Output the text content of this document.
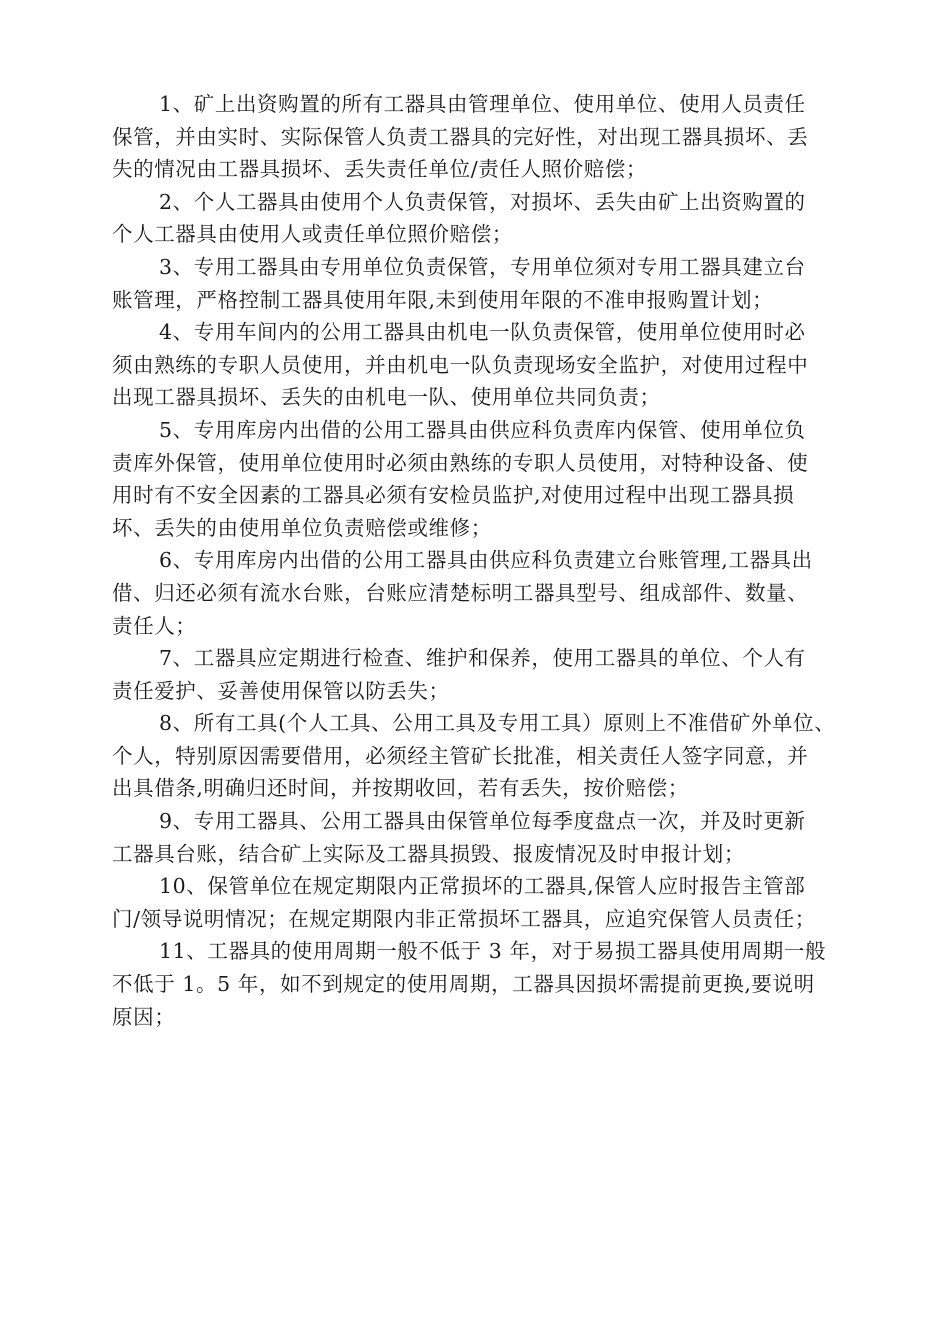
1、矿上出资购置的所有工器具由管理单位、使用单位、使用人员责任
保管，并由实时、实际保管人负责工器具的完好性，对出现工器具损坏、丢
失的情况由工器具损坏、丢失责任单位/责任人照价赔偿；

2、个人工器具由使用个人负责保管，对损坏、丢失由矿上出资购置的
个人工器具由使用人或责任单位照价赔偿；

3、专用工器具由专用单位负责保管，专用单位须对专用工器具建立台
账管理，严格控制工器具使用年限,未到使用年限的不准申报购置计划；

4、专用车间内的公用工器具由机电一队负责保管，使用单位使用时必
须由熟练的专职人员使用，并由机电一队负责现场安全监护，对使用过程中
出现工器具损坏、丢失的由机电一队、使用单位共同负责；

5、专用库房内出借的公用工器具由供应科负责库内保管、使用单位负
责库外保管，使用单位使用时必须由熟练的专职人员使用，对特种设备、使
用时有不安全因素的工器具必须有安检员监护,对使用过程中出现工器具损
坏、丢失的由使用单位负责赔偿或维修；

6、专用库房内出借的公用工器具由供应科负责建立台账管理,工器具出
借、归还必须有流水台账，台账应清楚标明工器具型号、组成部件、数量、
责任人；

7、工器具应定期进行检查、维护和保养，使用工器具的单位、个人有
责任爱护、妥善使用保管以防丢失；

8、所有工具(个人工具、公用工具及专用工具）原则上不准借矿外单位、
个人，特别原因需要借用，必须经主管矿长批准，相关责任人签字同意，并
出具借条,明确归还时间，并按期收回，若有丢失，按价赔偿；

9、专用工器具、公用工器具由保管单位每季度盘点一次，并及时更新
工器具台账，结合矿上实际及工器具损毁、报废情况及时申报计划；

10、保管单位在规定期限内正常损坏的工器具,保管人应时报告主管部
门/领导说明情况；在规定期限内非正常损坏工器具，应追究保管人员责任；

11、工器具的使用周期一般不低于 3 年，对于易损工器具使用周期一般
不低于 1。5 年，如不到规定的使用周期，工器具因损坏需提前更换,要说明
原因；
